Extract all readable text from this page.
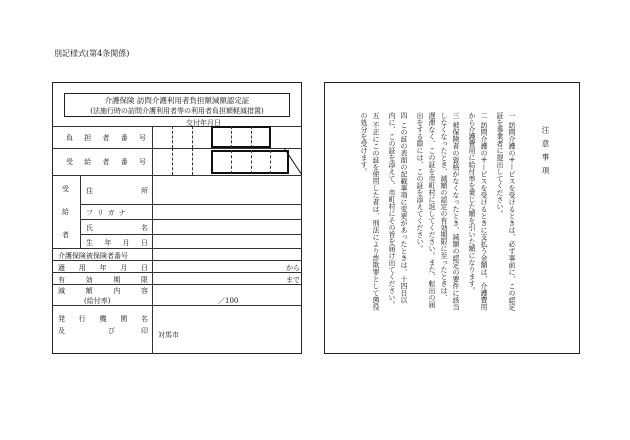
別記様式(第4条関係)
介護保険 訪問介護利用者負担額減額認定証
(法施行時の訪問介護利用者等の利用者負担額軽減措置)
交付年月日
負 担 者 番 号
受 給 者 番 号
受
給
者
住	所
フリガナ
氏	名
生 年 月 日
介護保険被保険者番号
適 用 年 月 日	から
有	効	期	限	まで
減	額	内	容
(給付率)	／100
発 行 機 関 名
及	び	印 対馬市
注意事項
一 訪問介護のサービスを受けるときは、必ず事前に、この認定
証を事業者に提出してください。
二 訪問介護のサービスを受けるときに支払う金額は、介護費用
から介護費用に給付率を乗じた額を引いた額になります。
三 被保険者の資格がなくなったとき、減額の認定の要件に該当
しなくなったとき、減額の認定の有効期限に至ったときは、
遅滞なく、この証を市町村に返してください。また、転出の届
出をする際には、この証を添えてください。
四 この証の表面の記載事項に変更があったときは、十四日以
内に、この証を添えて、市町村にその旨を届け出てください。
五 不正にこの証を使用した者は、刑法により詐欺罪として懲役
の処分を受けます。
